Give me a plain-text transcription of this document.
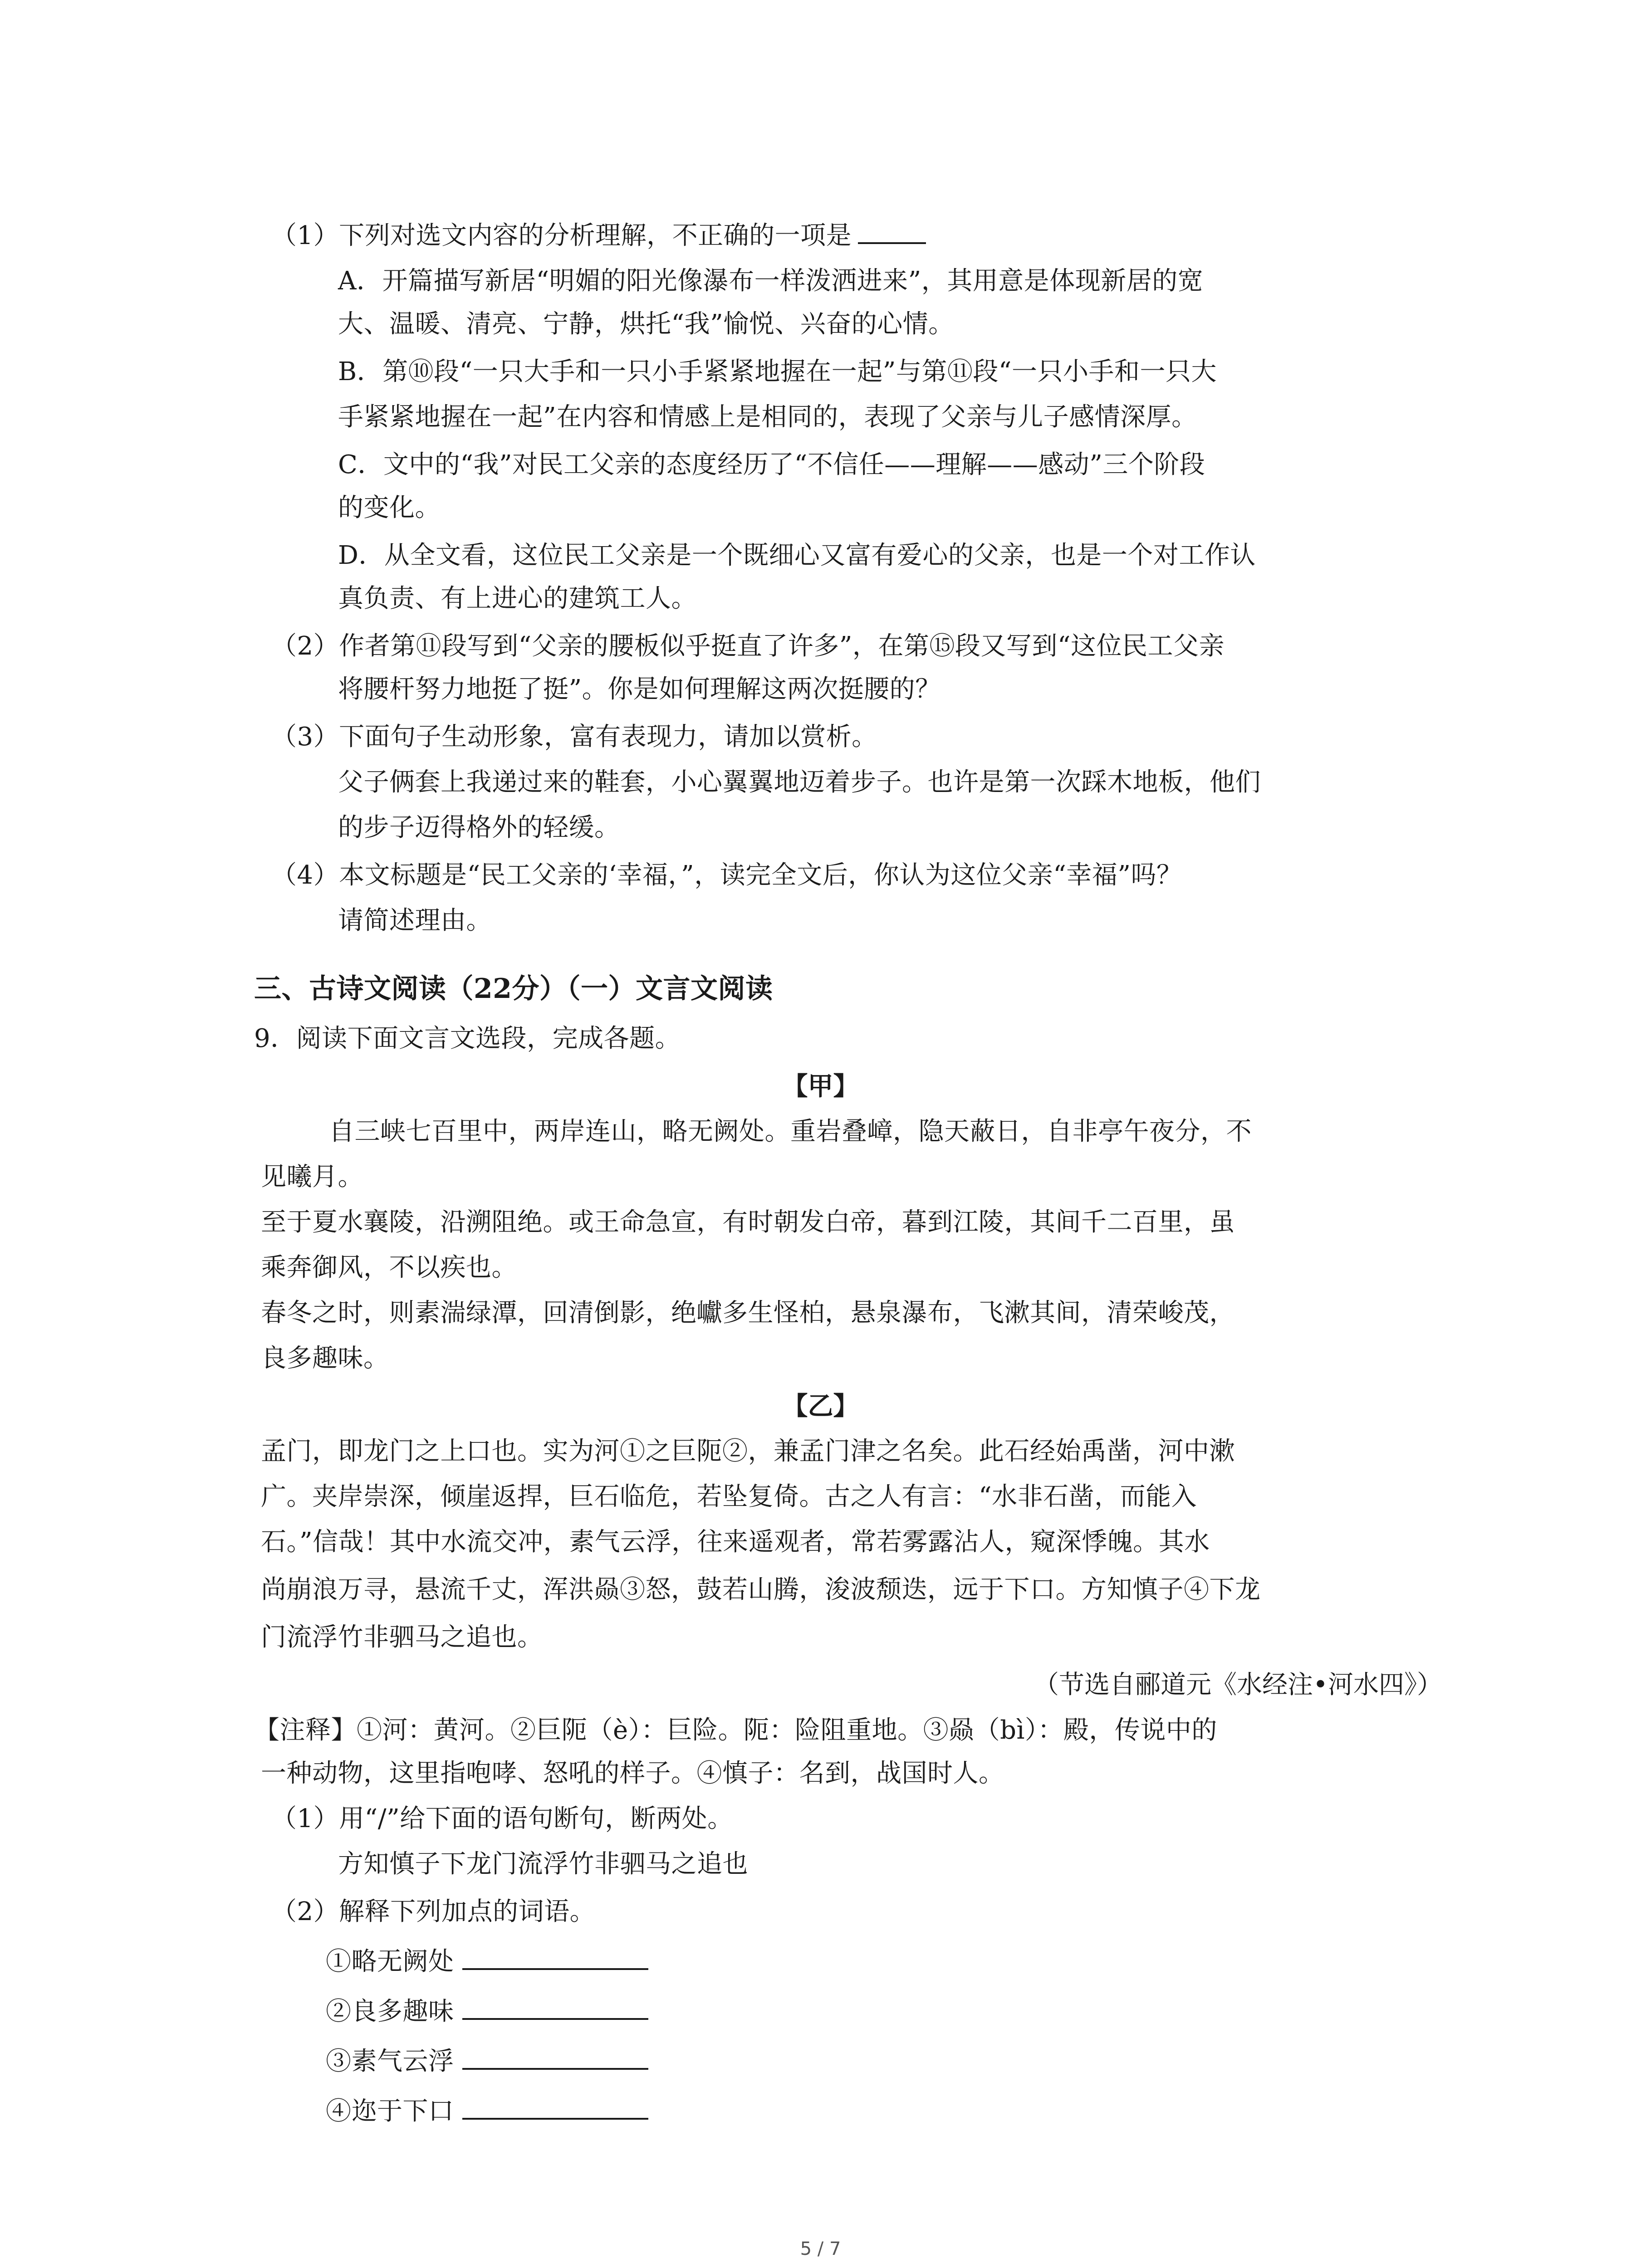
（1）下列对选文内容的分析理解，不正确的一项是
A．开篇描写新居“明媚的阳光像瀑布一样泼洒进来”，其用意是体现新居的宽
大、温暖、清亮、宁静，烘托“我”愉悦、兴奋的心情。
B．第⑩段“一只大手和一只小手紧紧地握在一起”与第⑪段“一只小手和一只大
手紧紧地握在一起”在内容和情感上是相同的，表现了父亲与儿子感情深厚。
C．文中的“我”对民工父亲的态度经历了“不信任——理解——感动”三个阶段
的变化。
D．从全文看，这位民工父亲是一个既细心又富有爱心的父亲，也是一个对工作认
真负责、有上进心的建筑工人。
（2）作者第⑪段写到“父亲的腰板似乎挺直了许多”，在第⑮段又写到“这位民工父亲
将腰杆努力地挺了挺”。你是如何理解这两次挺腰的？
（3）下面句子生动形象，富有表现力，请加以赏析。
父子俩套上我递过来的鞋套，小心翼翼地迈着步子。也许是第一次踩木地板，他们
的步子迈得格外的轻缓。
（4）本文标题是“民工父亲的‘幸福，”，读完全文后，你认为这位父亲“幸福”吗？
请简述理由。
三、古诗文阅读（22分）（一）文言文阅读
9．阅读下面文言文选段，完成各题。
【甲】
自三峡七百里中，两岸连山，略无阙处。重岩叠嶂，隐天蔽日，自非亭午夜分，不
见曦月。
至于夏水襄陵，沿溯阻绝。或王命急宣，有时朝发白帝，暮到江陵，其间千二百里，虽
乘奔御风，不以疾也。
春冬之时，则素湍绿潭，回清倒影，绝巘多生怪柏，悬泉瀑布，飞漱其间，清荣峻茂，
良多趣味。
【乙】
孟门，即龙门之上口也。实为河①之巨阨②，兼孟门津之名矣。此石经始禹凿，河中漱
广。夹岸崇深，倾崖返捍，巨石临危，若坠复倚。古之人有言：“水非石凿，而能入
石。”信哉！其中水流交冲，素气云浮，往来遥观者，常若雾露沾人，窥深悸魄。其水
尚崩浪万寻，悬流千丈，浑洪赑③怒，鼓若山腾，浚波颓迭，远于下口。方知慎子④下龙
门流浮竹非驷马之追也。
（节选自郦道元《水经注•河水四》）
【注释】①河：黄河。②巨阨（è）：巨险。阨：险阻重地。③赑（bì）：殿，传说中的
一种动物，这里指咆哮、怒吼的样子。④慎子：名到，战国时人。
（1）用“/”给下面的语句断句，断两处。
方知慎子下龙门流浮竹非驷马之追也
（2）解释下列加点的词语。
①略无阙处
②良多趣味
③素气云浮
④迩于下口
5 / 7
